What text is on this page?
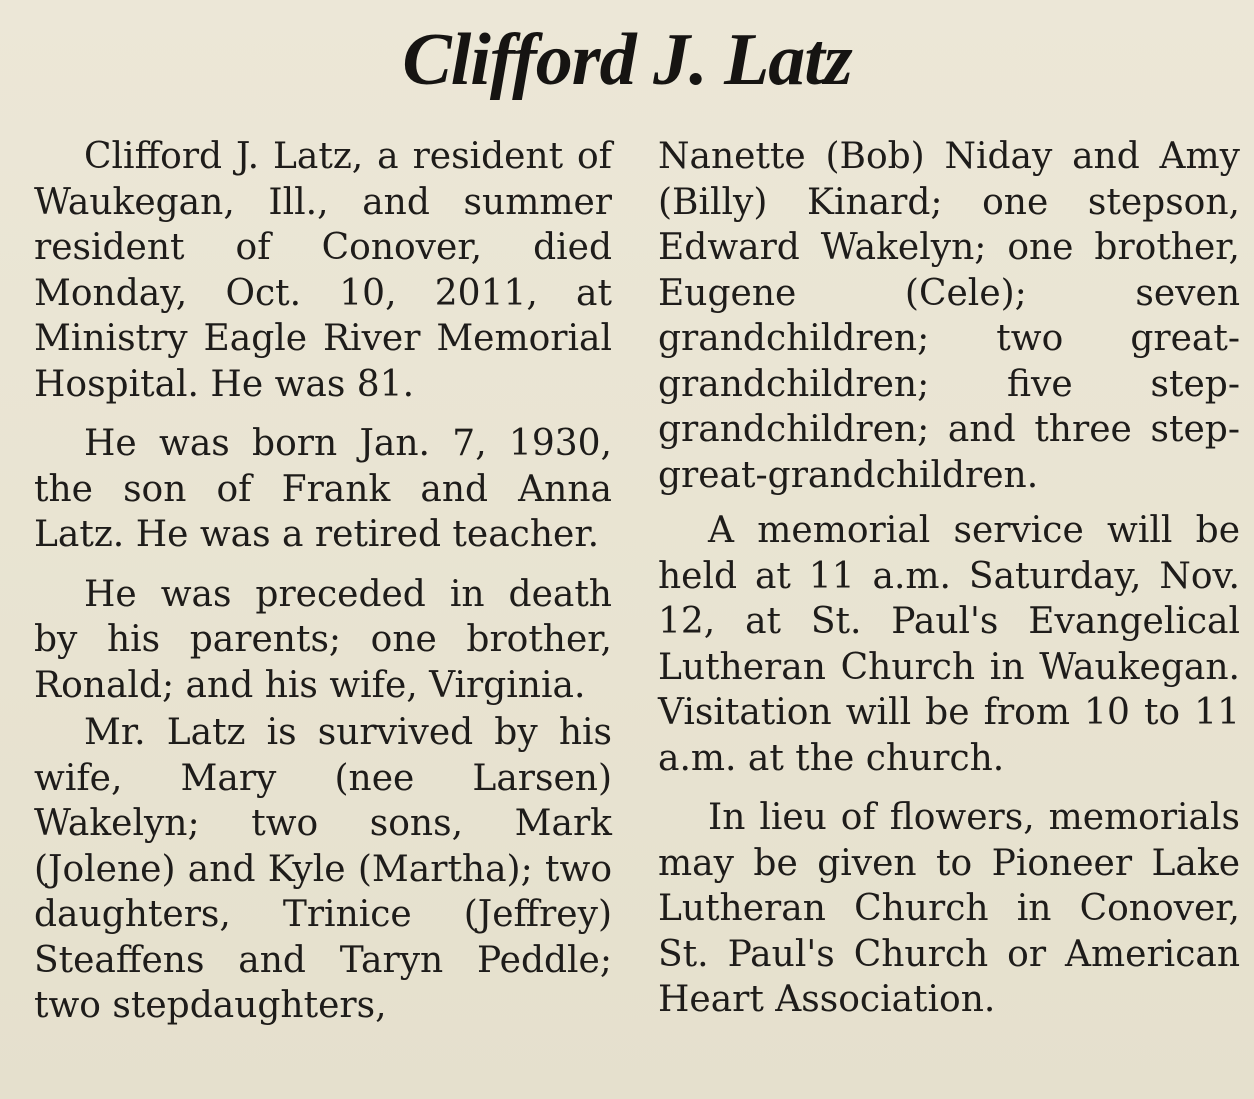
Clifford J. Latz

Clifford J. Latz, a resident of Waukegan, Ill., and summer resident of Conover, died Monday, Oct. 10, 2011, at Ministry Eagle River Memorial Hospital. He was 81.

He was born Jan. 7, 1930, the son of Frank and Anna Latz. He was a retired teacher.

He was preceded in death by his parents; one brother, Ronald; and his wife, Virginia.

Mr. Latz is survived by his wife, Mary (nee Larsen) Wakelyn; two sons, Mark (Jolene) and Kyle (Martha); two daughters, Trinice (Jeffrey) Steaffens and Taryn Peddle; two stepdaughters,

Nanette (Bob) Niday and Amy (Billy) Kinard; one stepson, Edward Wakelyn; one brother, Eugene (Cele); seven grandchildren; two great-grandchildren; five step-grandchildren; and three step-great-grandchildren.

A memorial service will be held at 11 a.m. Saturday, Nov. 12, at St. Paul's Evangelical Lutheran Church in Waukegan. Visitation will be from 10 to 11 a.m. at the church.

In lieu of flowers, memorials may be given to Pioneer Lake Lutheran Church in Conover, St. Paul's Church or American Heart Association.
